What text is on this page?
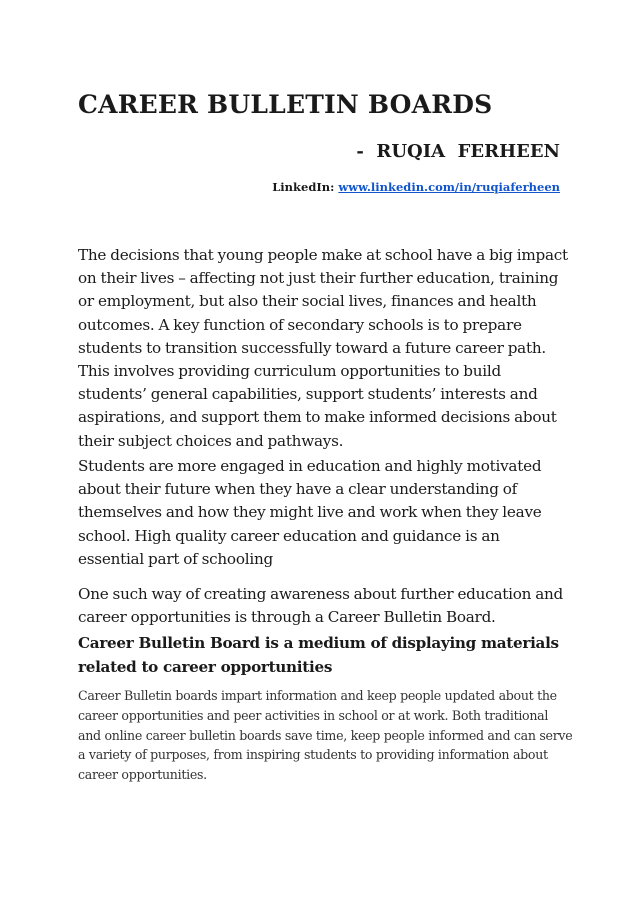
CAREER BULLETIN BOARDS

-  RUQIA  FERHEEN

LinkedIn: www.linkedin.com/in/ruqiaferheen

The decisions that young people make at school have a big impact on their lives – affecting not just their further education, training or employment, but also their social lives, finances and health outcomes. A key function of secondary schools is to prepare students to transition successfully toward a future career path. This involves providing curriculum opportunities to build students’ general capabilities, support students’ interests and aspirations, and support them to make informed decisions about their subject choices and pathways.

Students are more engaged in education and highly motivated about their future when they have a clear understanding of themselves and how they might live and work when they leave school. High quality career education and guidance is an essential part of schooling

One such way of creating awareness about further education and career opportunities is through a Career Bulletin Board.

Career Bulletin Board is a medium of displaying materials related to career opportunities

Career Bulletin boards impart information and keep people updated about the career opportunities and peer activities in school or at work. Both traditional and online career bulletin boards save time, keep people informed and can serve a variety of purposes, from inspiring students to providing information about career opportunities.
